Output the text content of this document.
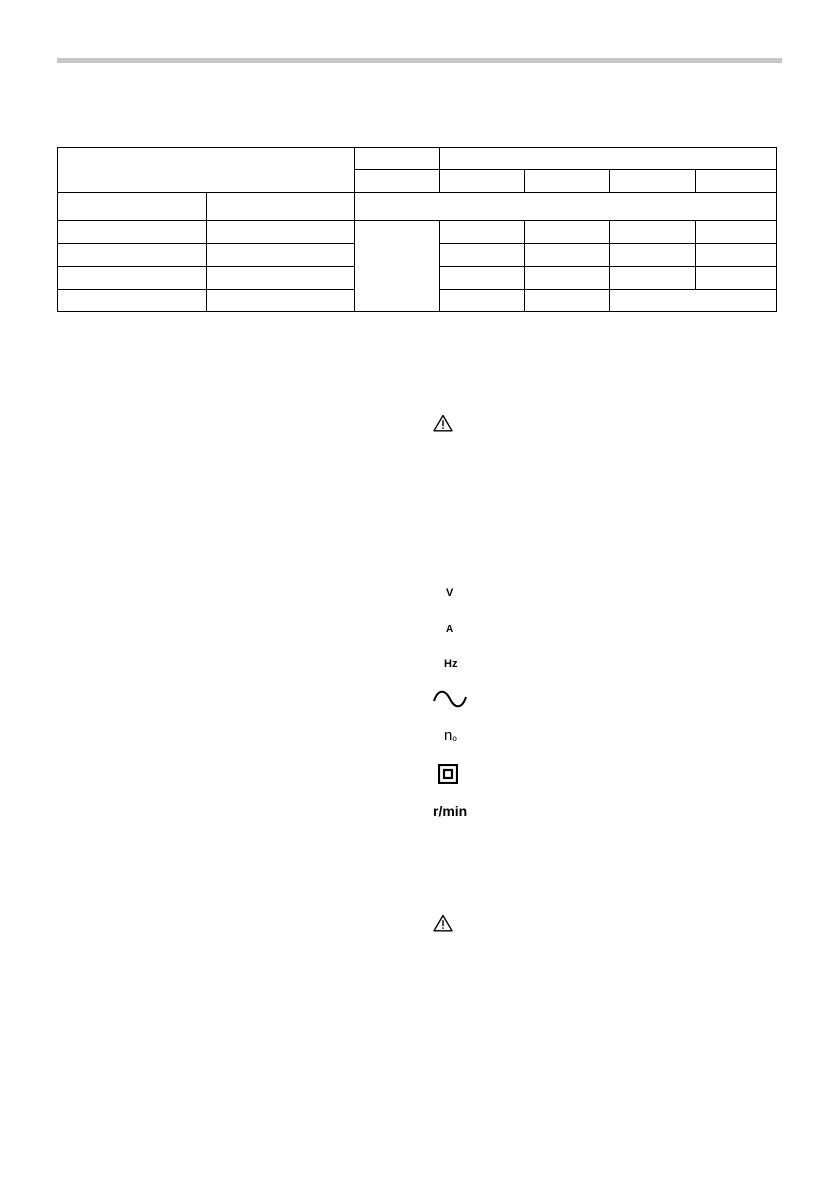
V
A
Hz
$n_o$
r/min
